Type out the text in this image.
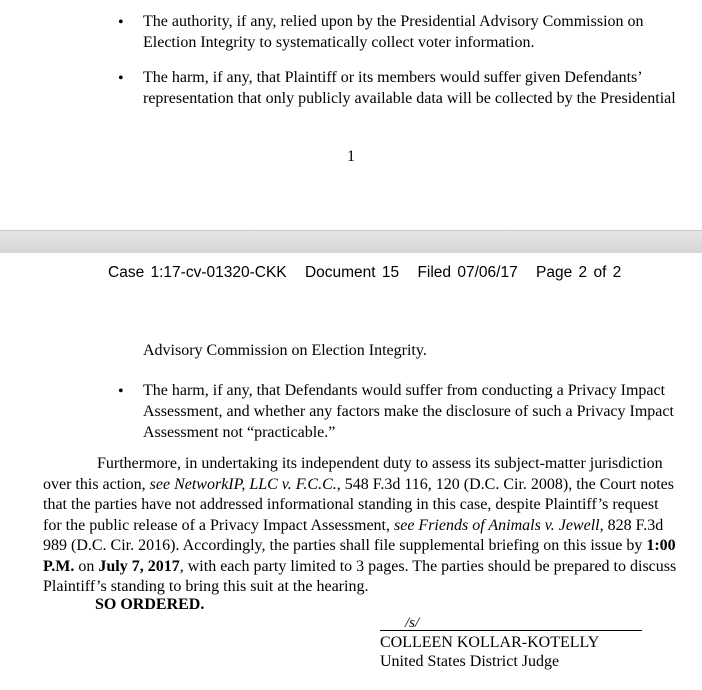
• The authority, if any, relied upon by the Presidential Advisory Commission on
Election Integrity to systematically collect voter information.
• The harm, if any, that Plaintiff or its members would suffer given Defendants’
representation that only publicly available data will be collected by the Presidential
1
Case 1:17-cv-01320-CKK Document 15 Filed 07/06/17 Page 2 of 2
Advisory Commission on Election Integrity.
• The harm, if any, that Defendants would suffer from conducting a Privacy Impact
Assessment, and whether any factors make the disclosure of such a Privacy Impact
Assessment not “practicable.”
Furthermore, in undertaking its independent duty to assess its subject-matter jurisdiction
over this action, see NetworkIP, LLC v. F.C.C., 548 F.3d 116, 120 (D.C. Cir. 2008), the Court notes
that the parties have not addressed informational standing in this case, despite Plaintiff’s request
for the public release of a Privacy Impact Assessment, see Friends of Animals v. Jewell, 828 F.3d
989 (D.C. Cir. 2016). Accordingly, the parties shall file supplemental briefing on this issue by 1:00
P.M. on July 7, 2017, with each party limited to 3 pages. The parties should be prepared to discuss
Plaintiff’s standing to bring this suit at the hearing.
SO ORDERED.
/s/
COLLEEN KOLLAR-KOTELLY
United States District Judge
